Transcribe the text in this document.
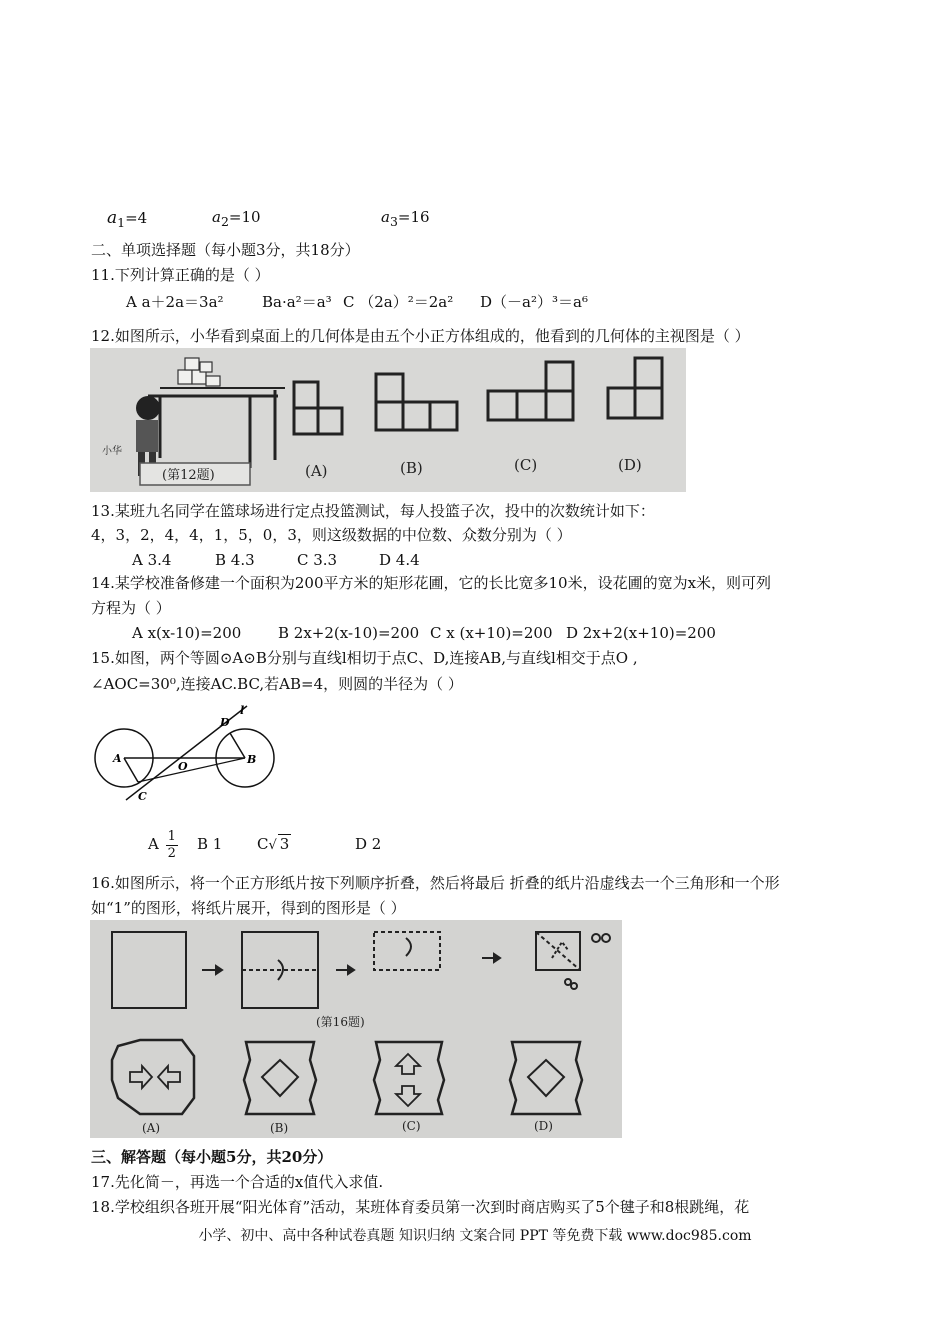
$a_1=4$	$a_2=10$	$a_3=16$
二、单项选择题（每小题3分，共18分）
11.下列计算正确的是（ ）
A a＋2a＝3a²	Ba·a²＝a³ C （2a）²＝2a² D（－a²）³＝a⁶
12.如图所示，小华看到桌面上的几何体是由五个小正方体组成的，他看到的几何体的主视图是（ ）
小华
(第12题)	(A)	(B)	(C)	(D)
13.某班九名同学在篮球场进行定点投篮测试，每人投篮子次，投中的次数统计如下：
4，3，2，4，4，1，5，0，3，则这级数据的中位数、众数分别为（ ）
A 3.4	B 4.3	C 3.3	D 4.4
14.某学校准备修建一个面积为200平方米的矩形花圃，它的长比宽多10米，设花圃的宽为x米，则可列
方程为（ ）
A x(x-10)=200 B 2x+2(x-10)=200 C x (x+10)=200 D 2x+2(x+10)=200
15.如图，两个等圆⊙A⊙B分别与直线l相切于点C、D,连接AB,与直线l相交于点O ,
∠AOC=30⁰,连接AC.BC,若AB=4，则圆的半径为（ ）
A	B
C
D
O
l
A $\frac{1}{2}$ B 1 C√ 3	D 2
16.如图所示，将一个正方形纸片按下列顺序折叠，然后将最后 折叠的纸片沿虚线去一个三角形和一个形
如“1”的图形，将纸片展开，得到的图形是（ ）
(第16题)
(A)	(B)	(C)	(D)
三、解答题（每小题5分，共20分）
17.先化简－，再选一个合适的x值代入求值.
18.学校组织各班开展“阳光体育”活动，某班体育委员第一次到时商店购买了5个毽子和8根跳绳，花
小学、初中、高中各种试卷真题 知识归纳 文案合同 PPT 等免费下载 www.doc985.com
